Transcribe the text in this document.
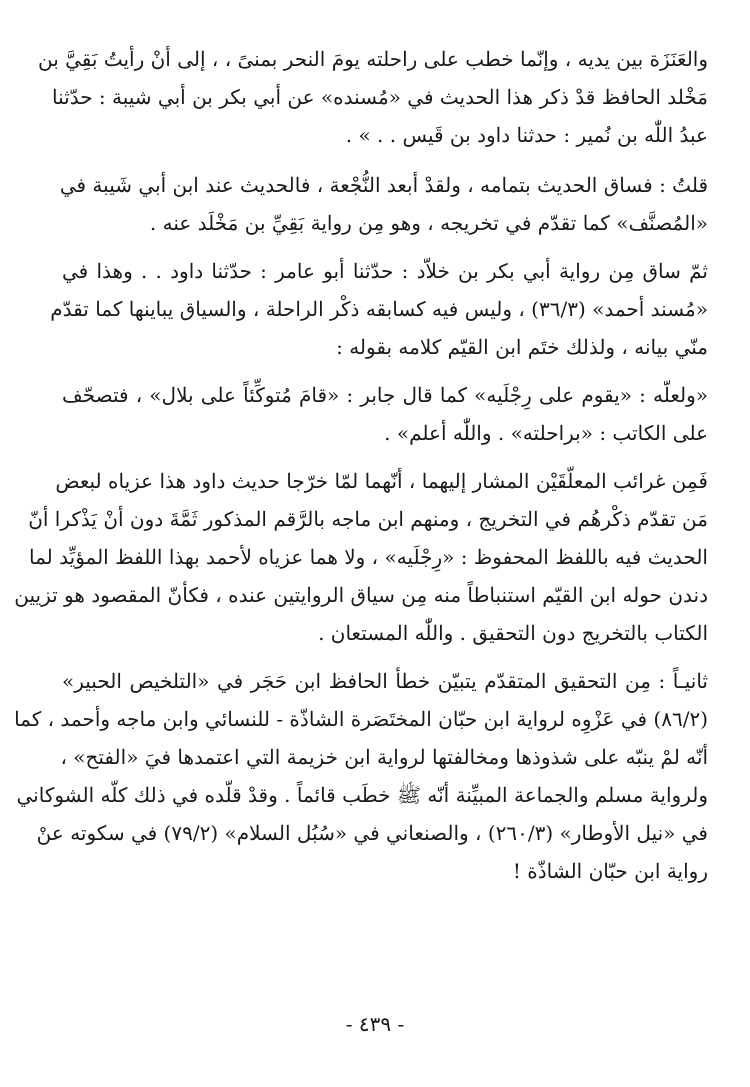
والعَنَزَة بين يديه ، وإنّما خطب على راحلته يومَ النحر بمنىً ، ، إلى أنْ رأيتُ بَقِيَّ بن
مَخْلد الحافظ قدْ ذكر هذا الحديث في «مُسنده» عن أبي بكر بن أبي شيبة : حدّثنا
عبدُ اللّٰه بن نُمير : حدثنا داود بن قَيس . . » .
قلتُ : فساق الحديث بتمامه ، ولقدْ أبعد النُّجْعة ، فالحديث عند ابن أبي شَيبة في
«المُصنَّف» كما تقدّم في تخريجه ، وهو مِن رواية بَقِيِّ بن مَخْلَد عنه .
ثمّ ساق مِن رواية أبي بكر بن خلاّد : حدّثنا أبو عامر : حدّثنا داود . . وهذا في
«مُسند أحمد» (٣٦/٣) ، وليس فيه كسابقه ذكْر الراحلة ، والسياق يباينها كما تقدّم
منّي بيانه ، ولذلك ختَم ابن القيّم كلامه بقوله :
«ولعلّه : «يقوم على رِجْلَيه» كما قال جابر : «قامَ مُتوكِّئاً على بلال» ، فتصحّف
على الكاتب : «براحلته» . واللّٰه أعلم» .
فَمِن غرائب المعلّقَيْن المشار إليهما ، أنّهما لمّا خرّجا حديث داود هذا عزياه لبعض
مَن تقدّم ذكْرهُم في التخريج ، ومنهم ابن ماجه بالرَّقم المذكور ثَمَّةَ دون أنْ يَذْكرا أنّ
الحديث فيه باللفظ المحفوظ : «رِجْلَيه» ، ولا هما عزياه لأحمد بهذا اللفظ المؤيِّد لما
دندن حوله ابن القيّم استنباطاً منه مِن سياق الروايتين عنده ، فكأنّ المقصود هو تزيين
الكتاب بالتخريج دون التحقيق . واللّٰه المستعان .
ثانيـاً : مِن التحقيق المتقدّم يتبيّن خطأ الحافظ ابن حَجَر في «التلخيص الحبير»
(٨٦/٢) في عَزْوِه لرواية ابن حبّان المختَصَرة الشاذّة - للنسائي وابن ماجه وأحمد ، كما
أنّه لمْ ينبّه على شذوذها ومخالفتها لرواية ابن خزيمة التي اعتمدها فيَ «الفتح» ،
ولرواية مسلم والجماعة المبيِّنة أنّه ﷺ خطَب قائماً . وقدْ قلّده في ذلك كلّه الشوكاني
في «نيل الأوطار» (٢٦٠/٣) ، والصنعاني في «سُبُل السلام» (٧٩/٢) في سكوته عنْ
رواية ابن حبّان الشاذّة !
- ٤٣٩ -
